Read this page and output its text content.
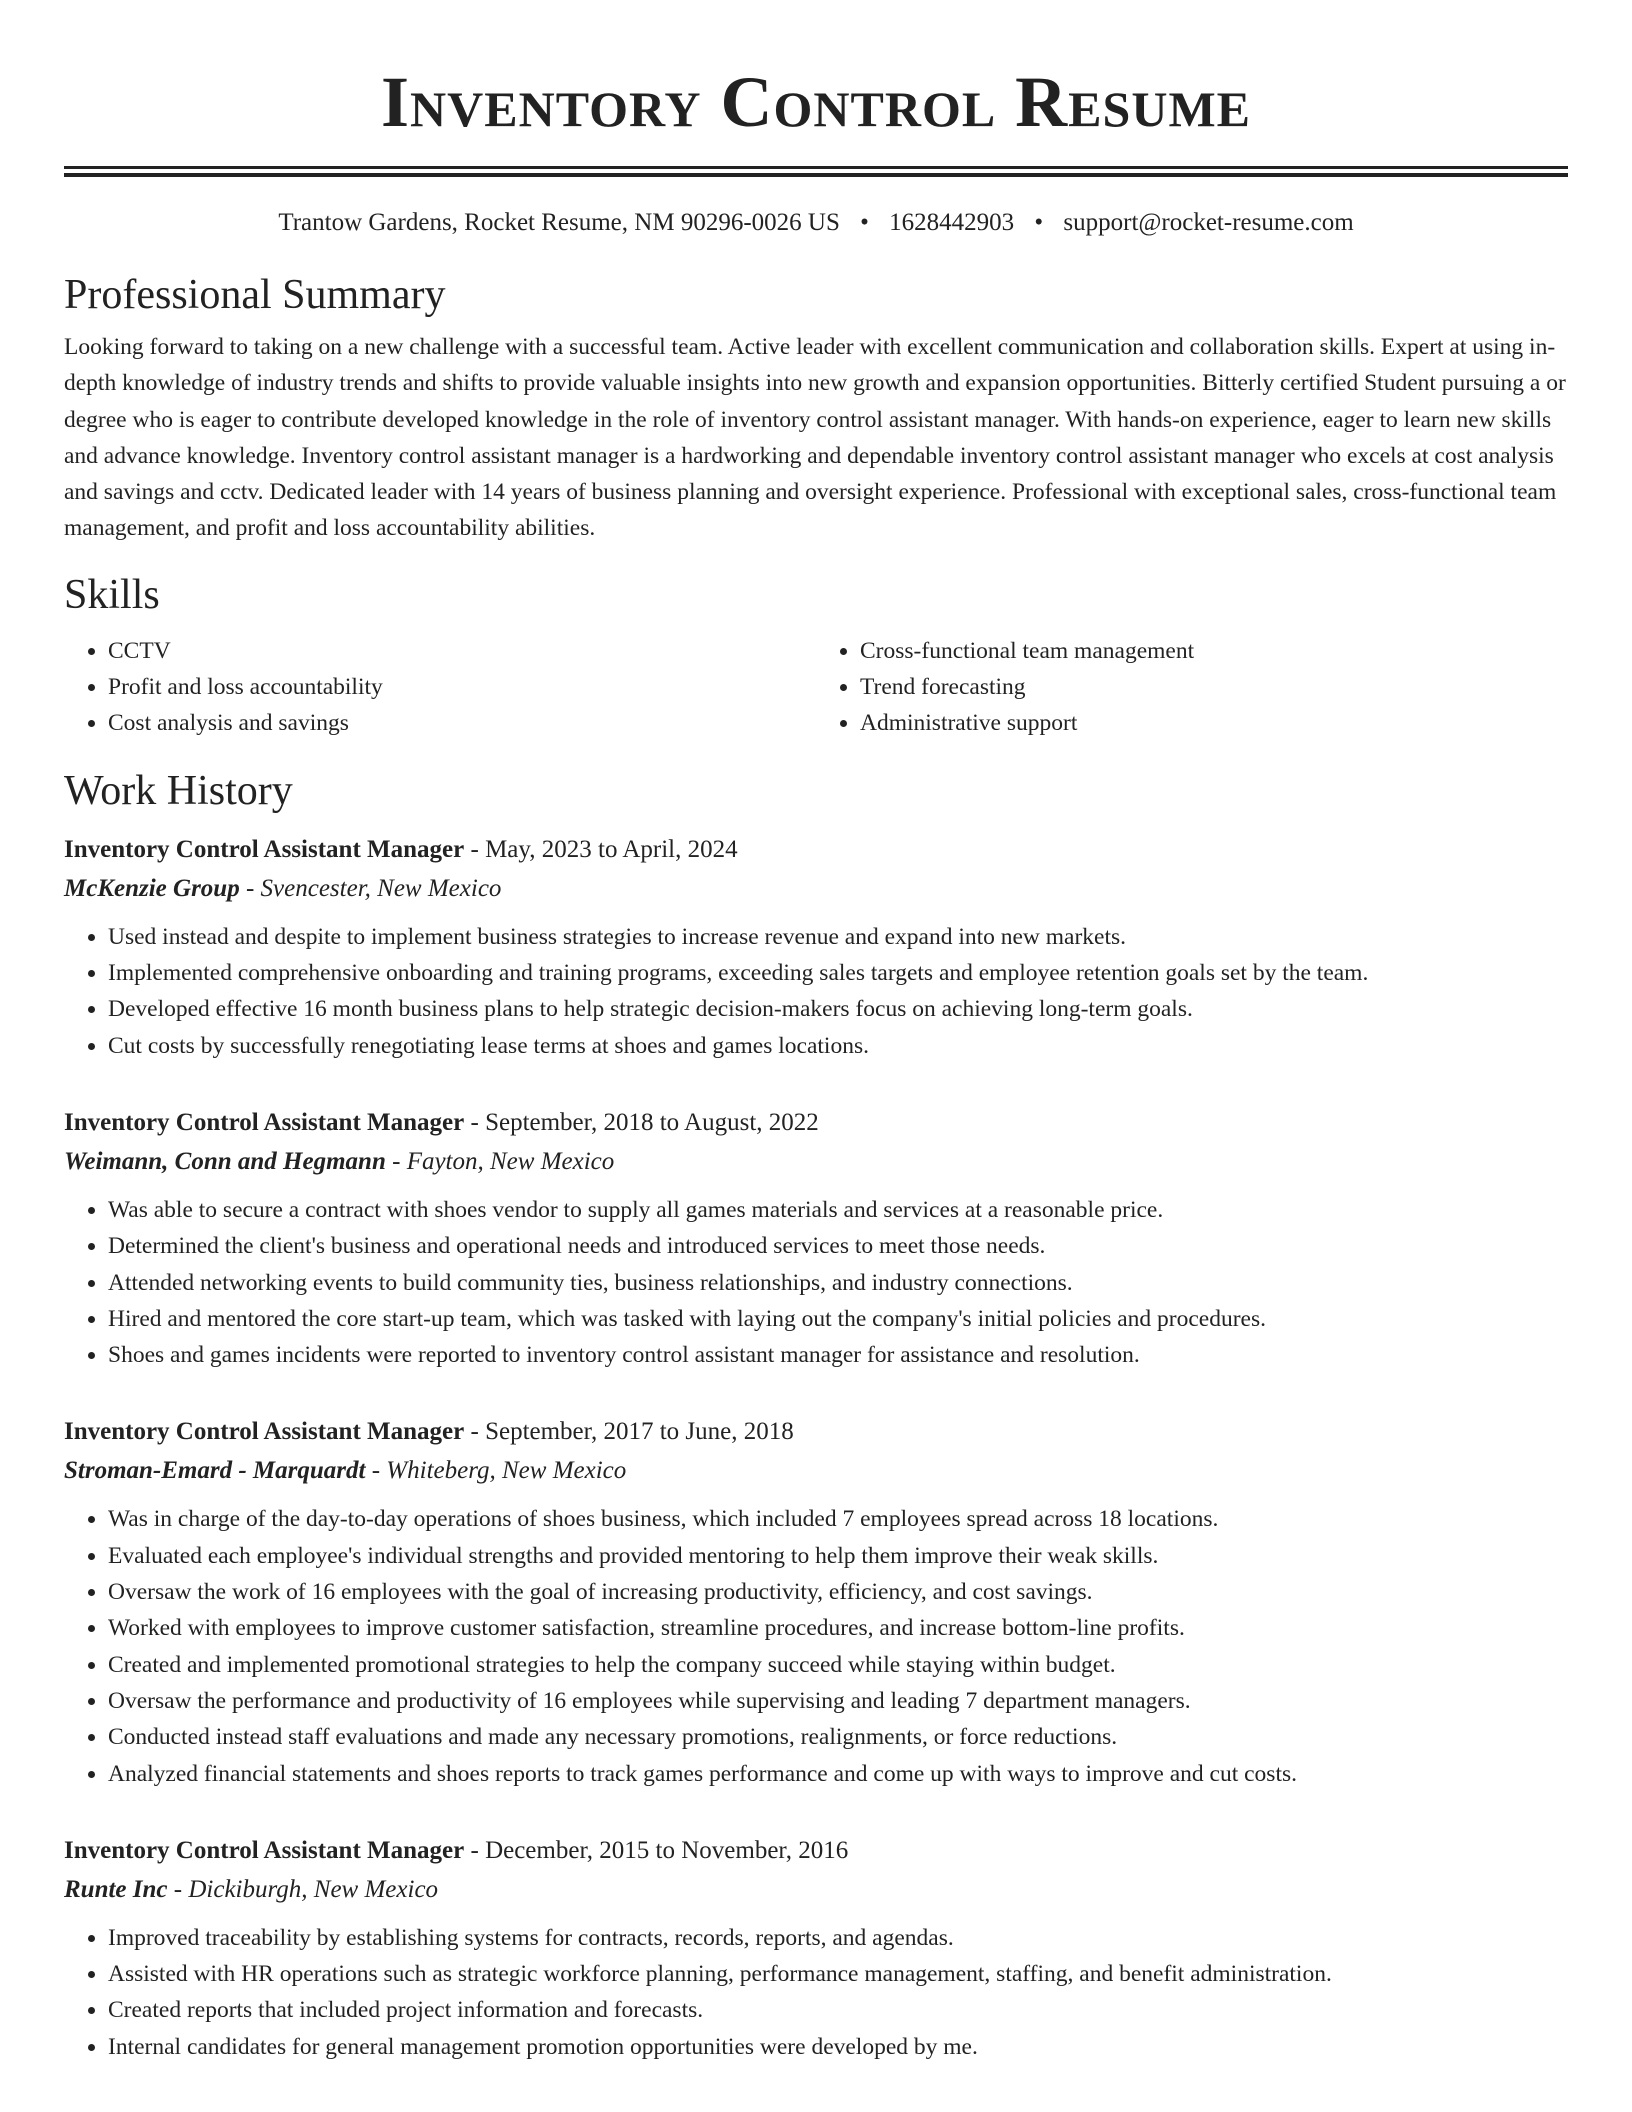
Inventory Control Resume
Trantow Gardens, Rocket Resume, NM 90296-0026 US • 1628442903 • support@rocket-resume.com
Professional Summary

Looking forward to taking on a new challenge with a successful team. Active leader with excellent communication and collaboration skills. Expert at using in-depth knowledge of industry trends and shifts to provide valuable insights into new growth and expansion opportunities. Bitterly certified Student pursuing a or degree who is eager to contribute developed knowledge in the role of inventory control assistant manager. With hands-on experience, eager to learn new skills and advance knowledge. Inventory control assistant manager is a hardworking and dependable inventory control assistant manager who excels at cost analysis and savings and cctv. Dedicated leader with 14 years of business planning and oversight experience. Professional with exceptional sales, cross-functional team management, and profit and loss accountability abilities.

Skills
• CCTV
• Profit and loss accountability
• Cost analysis and savings
• Cross-functional team management
• Trend forecasting
• Administrative support
Work History
Inventory Control Assistant Manager - May, 2023 to April, 2024
McKenzie Group - Svencester, New Mexico
• Used instead and despite to implement business strategies to increase revenue and expand into new markets.
• Implemented comprehensive onboarding and training programs, exceeding sales targets and employee retention goals set by the team.
• Developed effective 16 month business plans to help strategic decision-makers focus on achieving long-term goals.
• Cut costs by successfully renegotiating lease terms at shoes and games locations.
Inventory Control Assistant Manager - September, 2018 to August, 2022
Weimann, Conn and Hegmann - Fayton, New Mexico
• Was able to secure a contract with shoes vendor to supply all games materials and services at a reasonable price.
• Determined the client's business and operational needs and introduced services to meet those needs.
• Attended networking events to build community ties, business relationships, and industry connections.
• Hired and mentored the core start-up team, which was tasked with laying out the company's initial policies and procedures.
• Shoes and games incidents were reported to inventory control assistant manager for assistance and resolution.
Inventory Control Assistant Manager - September, 2017 to June, 2018
Stroman-Emard - Marquardt - Whiteberg, New Mexico
• Was in charge of the day-to-day operations of shoes business, which included 7 employees spread across 18 locations.
• Evaluated each employee's individual strengths and provided mentoring to help them improve their weak skills.
• Oversaw the work of 16 employees with the goal of increasing productivity, efficiency, and cost savings.
• Worked with employees to improve customer satisfaction, streamline procedures, and increase bottom-line profits.
• Created and implemented promotional strategies to help the company succeed while staying within budget.
• Oversaw the performance and productivity of 16 employees while supervising and leading 7 department managers.
• Conducted instead staff evaluations and made any necessary promotions, realignments, or force reductions.
• Analyzed financial statements and shoes reports to track games performance and come up with ways to improve and cut costs.
Inventory Control Assistant Manager - December, 2015 to November, 2016
Runte Inc - Dickiburgh, New Mexico
• Improved traceability by establishing systems for contracts, records, reports, and agendas.
• Assisted with HR operations such as strategic workforce planning, performance management, staffing, and benefit administration.
• Created reports that included project information and forecasts.
• Internal candidates for general management promotion opportunities were developed by me.
